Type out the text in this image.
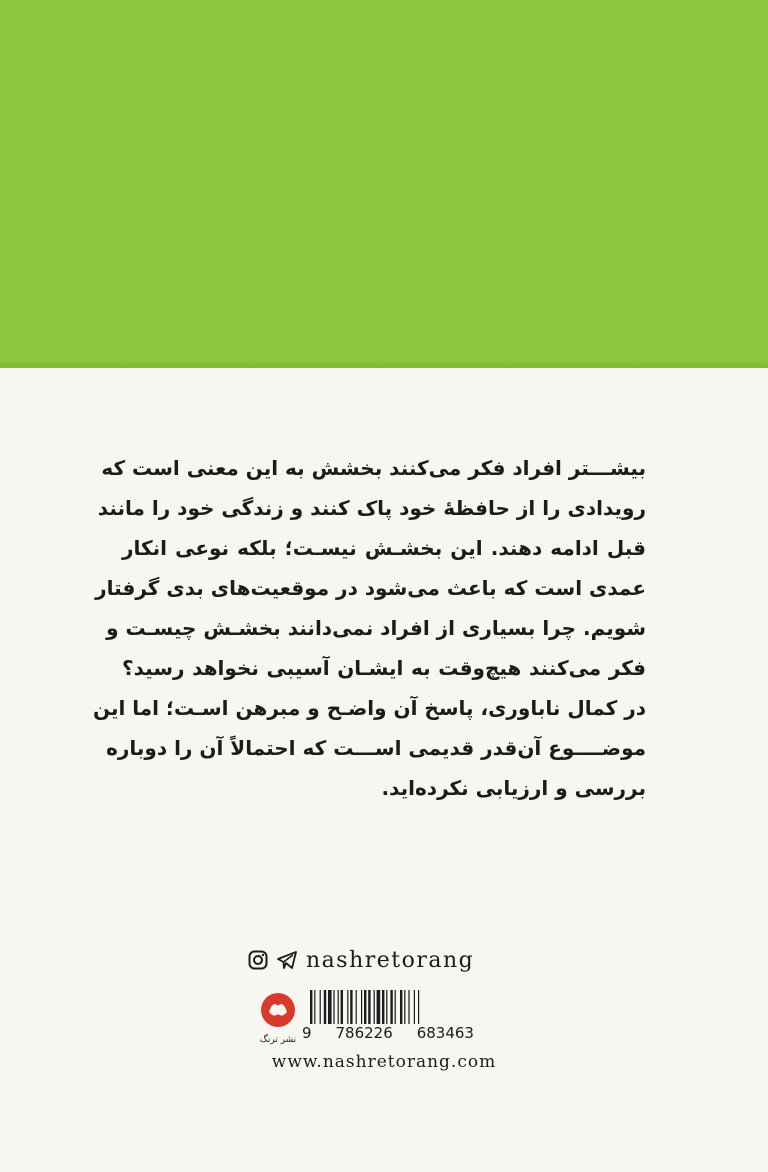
بیشـــتر افراد فکر می‌کنند بخشش به این معنی است که
رویدادی را از حافظهٔ خود پاک کنند و زندگی خود را مانند
قبل ادامه دهند. این بخشـش نیسـت؛ بلکه نوعی انکار
عمدی است که باعث می‌شود در موقعیت‌های بدی گرفتار
شویم. چرا بسیاری از افراد نمی‌دانند بخشـش چیسـت و
فکر می‌کنند هیچ‌وقت به ایشـان آسیبی نخواهد رسید؟
در کمال ناباوری، پاسخ آن واضـح و مبرهن اسـت؛ اما این
موضــــوع آن‌قدر قدیمی اســـت که احتمالاً آن را دوباره
بررسی و ارزیابی نکرده‌اید.
nashretorang
نشر ترنگ 9 786226 683463
www.nashretorang.com
